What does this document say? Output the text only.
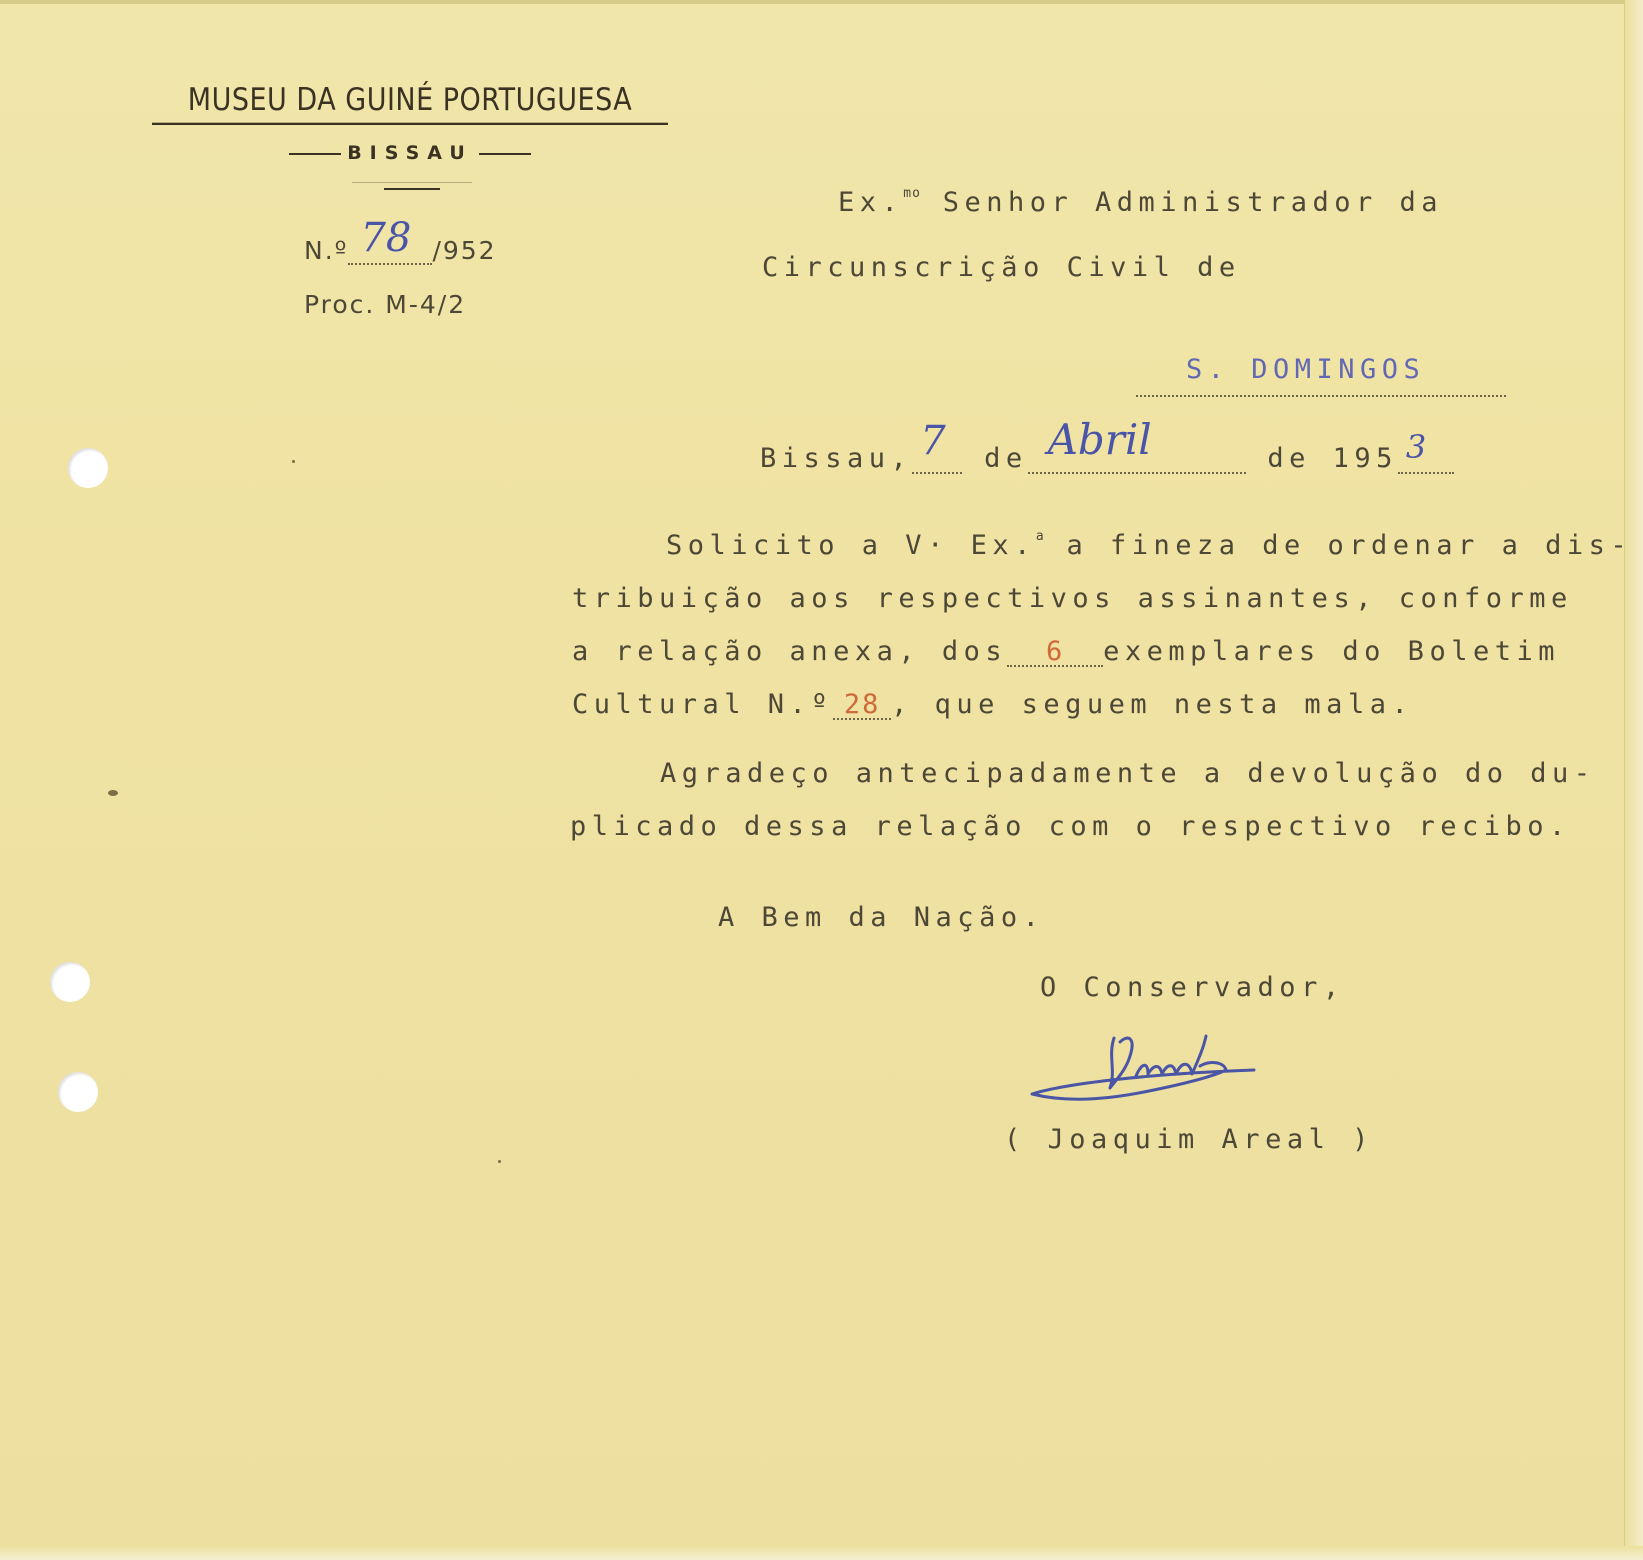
MUSEU DA GUINÉ PORTUGUESA
BISSAU
N.º 78 /952
Proc. M-4/2
Ex.$^{mo}$ Senhor Administrador da
Circunscrição Civil de
S. DOMINGOS
Bissau, 7 de Abril	de 195 3

Solicito a V· Ex.$^a$ a fineza de ordenar a dis-
tribuição aos respectivos assinantes, conforme
a relação anexa, dos 6 exemplares do Boletim
Cultural N.º 28 , que seguem nesta mala.
Agradeço antecipadamente a devolução do du-
plicado dessa relação com o respectivo recibo.
A Bem da Nação.
O Conservador,
( Joaquim Areal )
